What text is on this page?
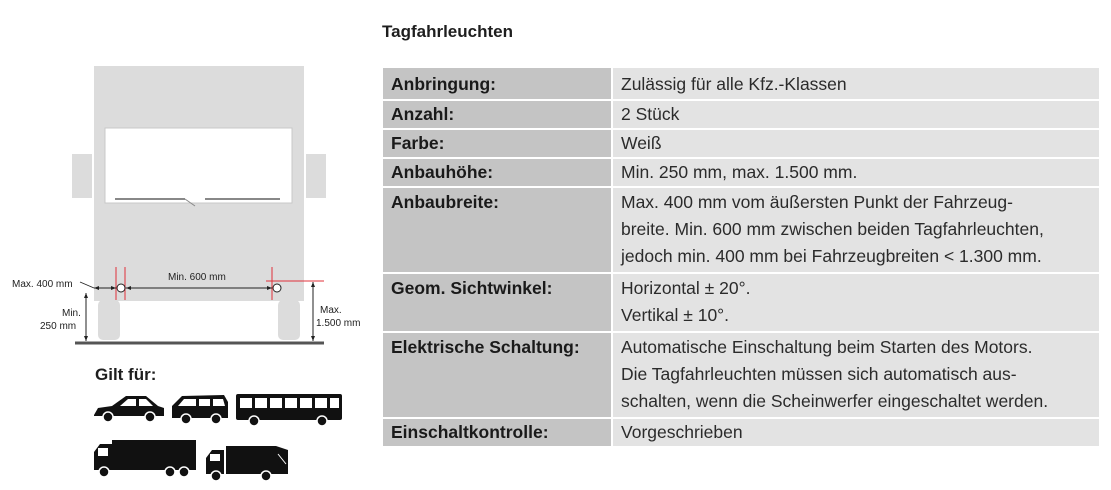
Tagfahrleuchten
Anbringung:	Zulässig für alle Kfz.-Klassen

Anzahl:	2 Stück

Farbe:	Weiß

Anbauhöhe:	Min. 250 mm, max. 1.500 mm.

Anbaubreite:	Max. 400 mm vom äußersten Punkt der Fahrzeug-
breite. Min. 600 mm zwischen beiden Tagfahrleuchten,
jedoch min. 400 mm bei Fahrzeugbreiten < 1.300 mm.

Geom. Sichtwinkel:	Horizontal ± 20°.
Vertikal ± 10°.

Elektrische Schaltung:	Automatische Einschaltung beim Starten des Motors.
Die Tagfahrleuchten müssen sich automatisch aus-
schalten, wenn die Scheinwerfer eingeschaltet werden.

Einschaltkontrolle:	Vorgeschrieben
Max. 400 mm
Min. 600 mm
Min.
250 mm
Max.
1.500 mm
Gilt für:
